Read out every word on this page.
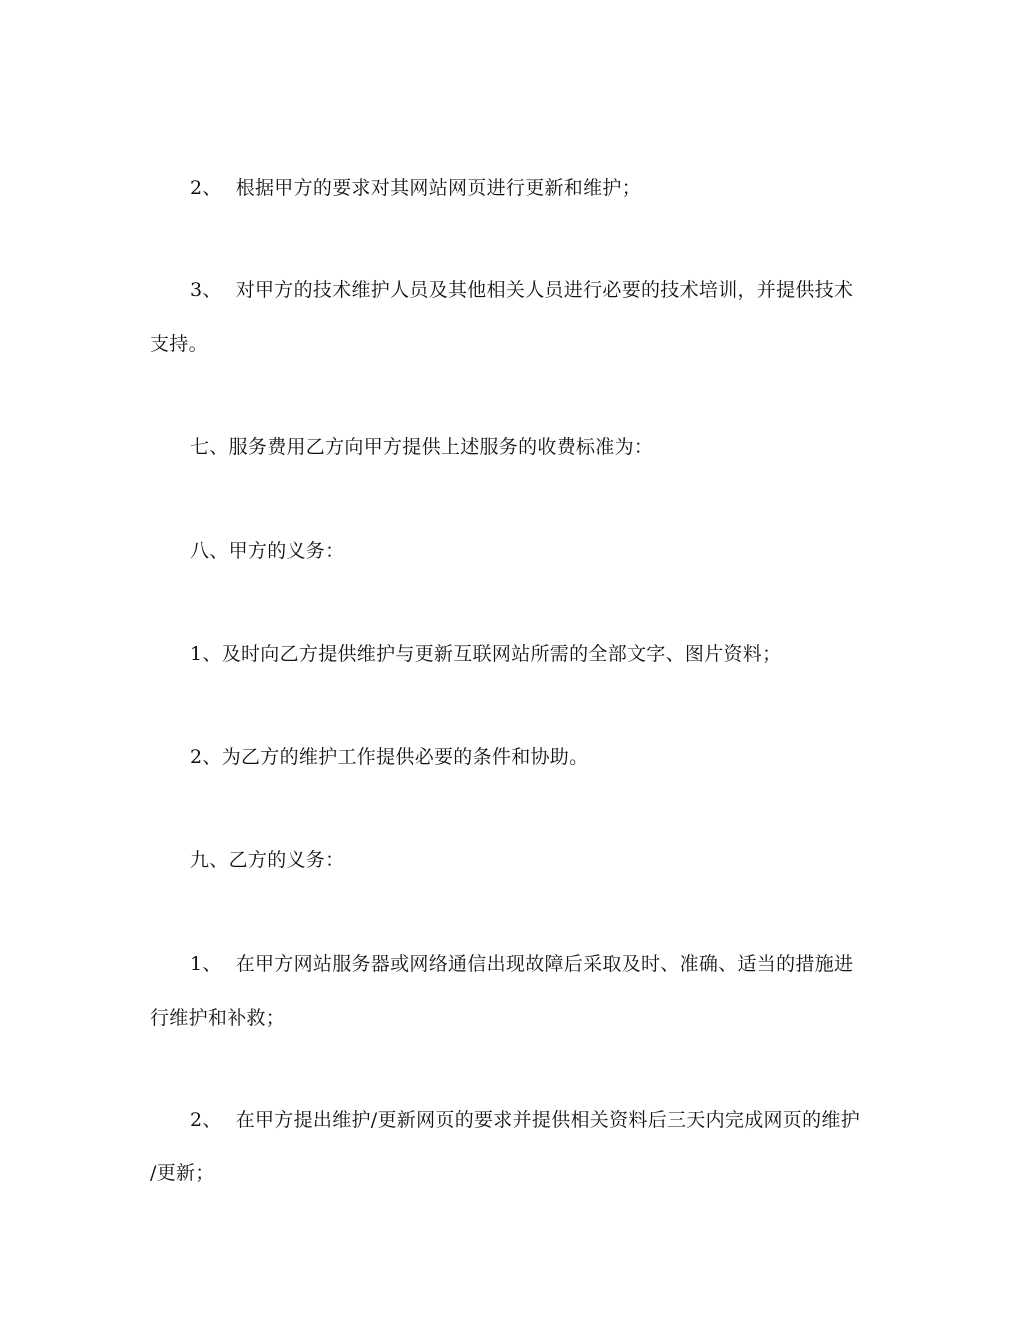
2、 根据甲方的要求对其网站网页进行更新和维护；
3、 对甲方的技术维护人员及其他相关人员进行必要的技术培训，并提供技术
支持。
七、服务费用乙方向甲方提供上述服务的收费标准为：
八、甲方的义务：
1、及时向乙方提供维护与更新互联网站所需的全部文字、图片资料；
2、为乙方的维护工作提供必要的条件和协助。
九、乙方的义务：
1、 在甲方网站服务器或网络通信出现故障后采取及时、准确、适当的措施进
行维护和补救；
2、 在甲方提出维护/更新网页的要求并提供相关资料后三天内完成网页的维护
/更新；
